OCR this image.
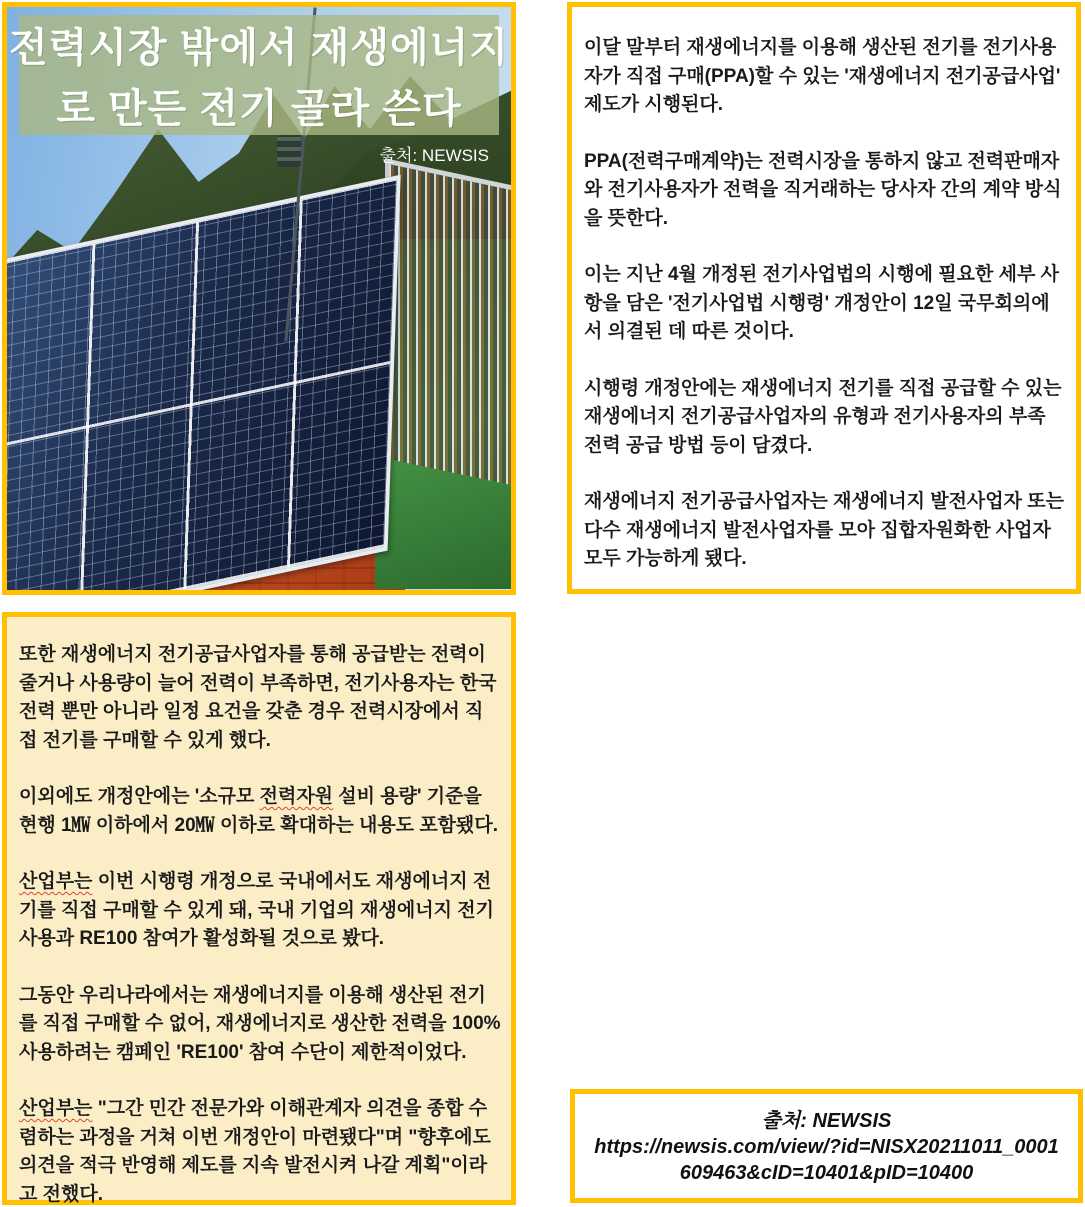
전력시장 밖에서 재생에너지
로 만든 전기 골라 쓴다
출처: NEWSIS

이달 말부터 재생에너지를 이용해 생산된 전기를 전기사용자가 직접 구매(PPA)할 수 있는 '재생에너지 전기공급사업' 제도가 시행된다.

PPA(전력구매계약)는 전력시장을 통하지 않고 전력판매자와 전기사용자가 전력을 직거래하는 당사자 간의 계약 방식을 뜻한다.

이는 지난 4월 개정된 전기사업법의 시행에 필요한 세부 사항을 담은 '전기사업법 시행령' 개정안이 12일 국무회의에서 의결된 데 따른 것이다.

시행령 개정안에는 재생에너지 전기를 직접 공급할 수 있는 재생에너지 전기공급사업자의 유형과 전기사용자의 부족 전력 공급 방법 등이 담겼다.

재생에너지 전기공급사업자는 재생에너지 발전사업자 또는 다수 재생에너지 발전사업자를 모아 집합자원화한 사업자 모두 가능하게 됐다.

또한 재생에너지 전기공급사업자를 통해 공급받는 전력이 줄거나 사용량이 늘어 전력이 부족하면, 전기사용자는 한국전력 뿐만 아니라 일정 요건을 갖춘 경우 전력시장에서 직접 전기를 구매할 수 있게 했다.

이외에도 개정안에는 '소규모 전력자원 설비 용량' 기준을 현행 1㎿ 이하에서 20㎿ 이하로 확대하는 내용도 포함됐다.

산업부는 이번 시행령 개정으로 국내에서도 재생에너지 전기를 직접 구매할 수 있게 돼, 국내 기업의 재생에너지 전기 사용과 RE100 참여가 활성화될 것으로 봤다.

그동안 우리나라에서는 재생에너지를 이용해 생산된 전기를 직접 구매할 수 없어, 재생에너지로 생산한 전력을 100% 사용하려는 캠페인 'RE100' 참여 수단이 제한적이었다.

산업부는 "그간 민간 전문가와 이해관계자 의견을 종합 수렴하는 과정을 거쳐 이번 개정안이 마련됐다"며 "향후에도 의견을 적극 반영해 제도를 지속 발전시켜 나갈 계획"이라고 전했다.

출처: NEWSIS
https://newsis.com/view/?id=NISX20211011_0001609463&cID=10401&pID=10400
